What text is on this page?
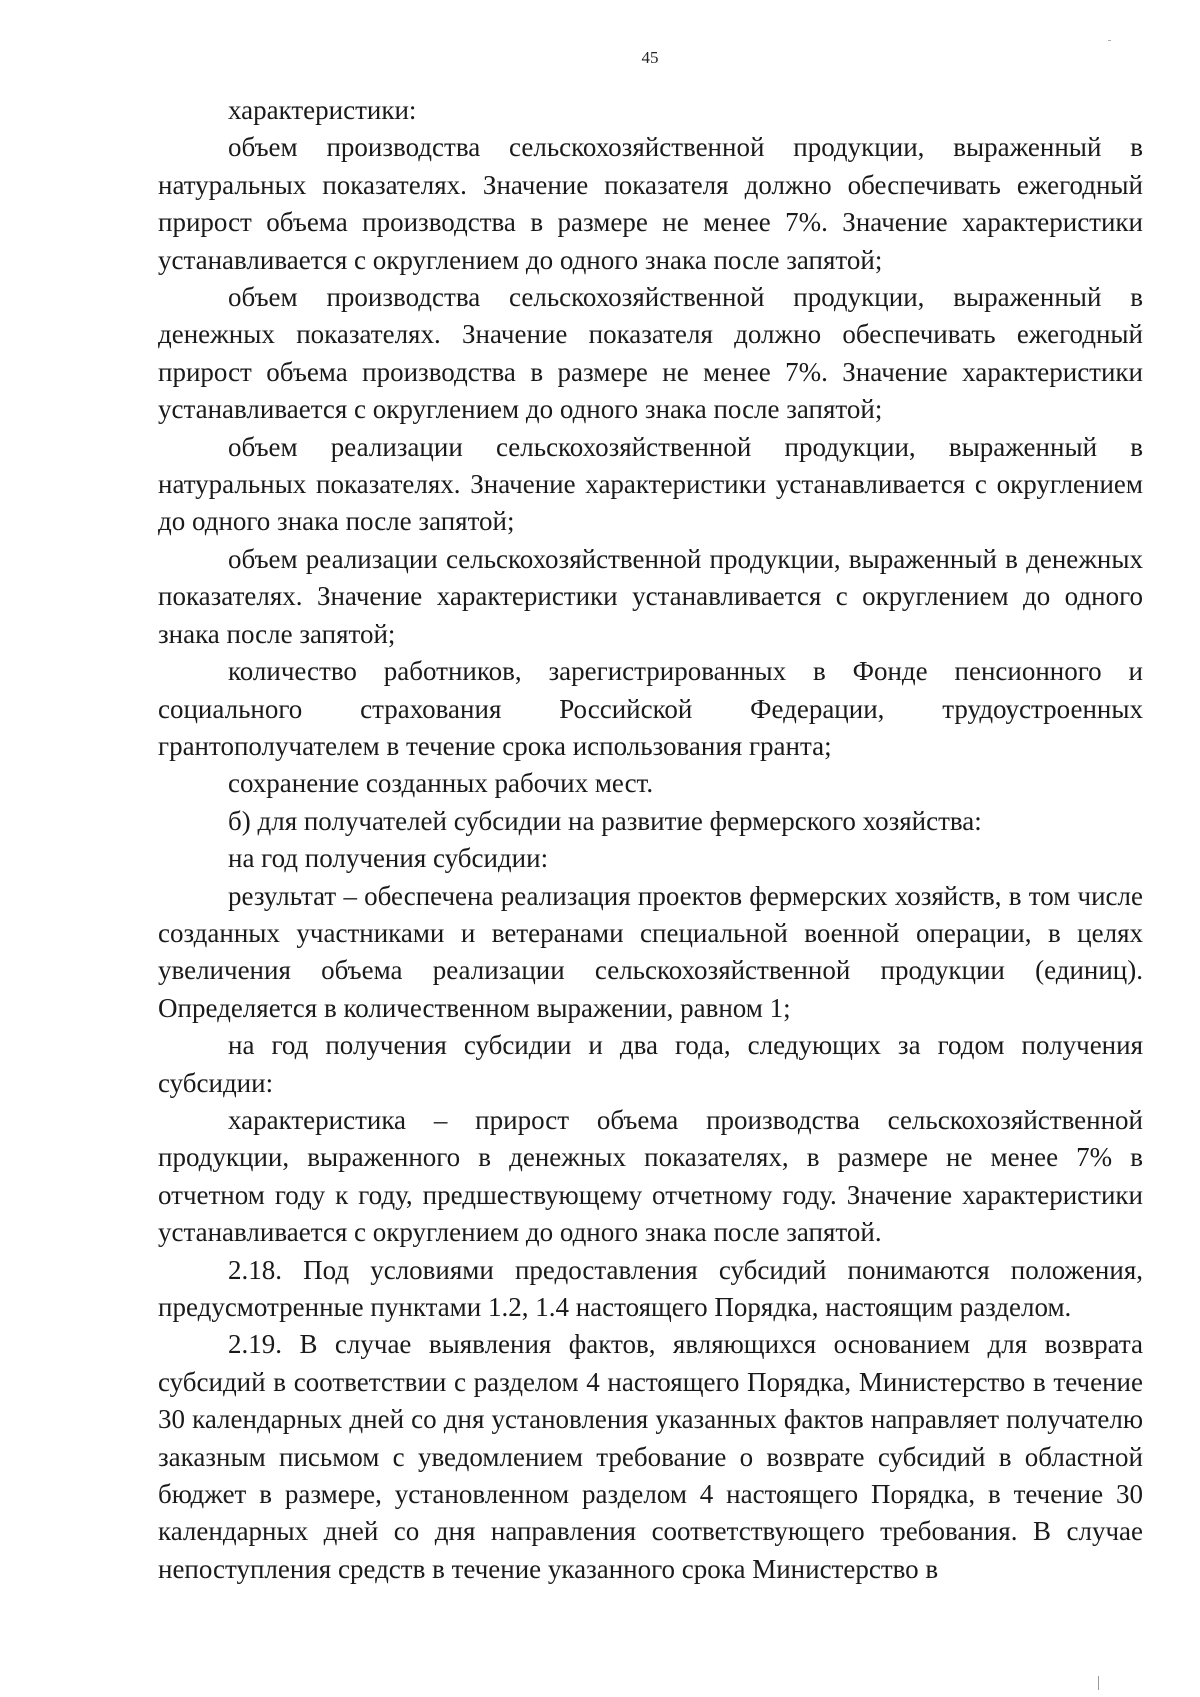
45

характеристики:

объем производства сельскохозяйственной продукции, выраженный в натуральных показателях. Значение показателя должно обеспечивать ежегодный прирост объема производства в размере не менее 7%. Значение характеристики устанавливается с округлением до одного знака после запятой;

объем производства сельскохозяйственной продукции, выраженный в денежных показателях. Значение показателя должно обеспечивать ежегодный прирост объема производства в размере не менее 7%. Значение характеристики устанавливается с округлением до одного знака после запятой;

объем реализации сельскохозяйственной продукции, выраженный в натуральных показателях. Значение характеристики устанавливается с округлением до одного знака после запятой;

объем реализации сельскохозяйственной продукции, выраженный в денежных показателях. Значение характеристики устанавливается с округлением до одного знака после запятой;

количество работников, зарегистрированных в Фонде пенсионного и социального страхования Российской Федерации, трудоустроенных грантополучателем в течение срока использования гранта;

сохранение созданных рабочих мест.

б) для получателей субсидии на развитие фермерского хозяйства:

на год получения субсидии:

результат – обеспечена реализация проектов фермерских хозяйств, в том числе созданных участниками и ветеранами специальной военной операции, в целях увеличения объема реализации сельскохозяйственной продукции (единиц). Определяется в количественном выражении, равном 1;

на год получения субсидии и два года, следующих за годом получения субсидии:

характеристика – прирост объема производства сельскохозяйственной продукции, выраженного в денежных показателях, в размере не менее 7% в отчетном году к году, предшествующему отчетному году. Значение характеристики устанавливается с округлением до одного знака после запятой.

2.18. Под условиями предоставления субсидий понимаются положения, предусмотренные пунктами 1.2, 1.4 настоящего Порядка, настоящим разделом.

2.19. В случае выявления фактов, являющихся основанием для возврата субсидий в соответствии с разделом 4 настоящего Порядка, Министерство в течение 30 календарных дней со дня установления указанных фактов направляет получателю заказным письмом с уведомлением требование о возврате субсидий в областной бюджет в размере, установленном разделом 4 настоящего Порядка, в течение 30 календарных дней со дня направления соответствующего требования. В случае непоступления средств в течение указанного срока Министерство в
